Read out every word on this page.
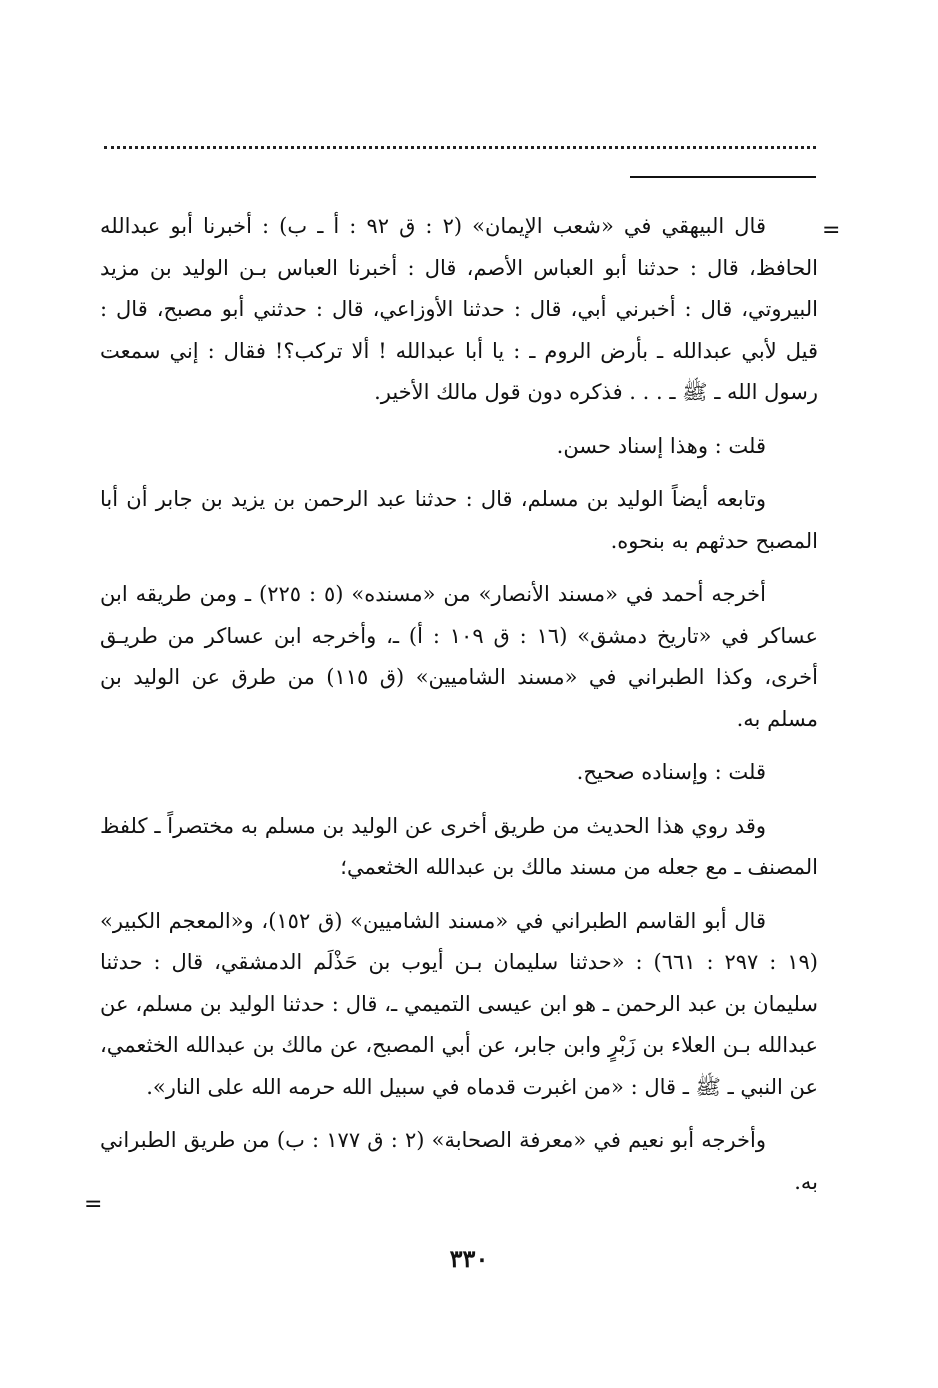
=

قال البيهقي في «شعب الإيمان» (٢ : ق ٩٢ : أ ـ ب) : أخبرنا أبو عبدالله الحافظ، قال : حدثنا أبو العباس الأصم، قال : أخبرنا العباس بـن الوليد بن مزيد البيروتي، قال : أخبرني أبي، قال : حدثنا الأوزاعي، قال : حدثني أبو مصبح، قال : قيل لأبي عبدالله ـ بأرض الروم ـ : يا أبا عبدالله ! ألا تركب؟! فقال : إني سمعت رسول الله ـ ﷺ ـ . . . فذكره دون قول مالك الأخير.

قلت : وهذا إسناد حسن.

وتابعه أيضاً الوليد بن مسلم، قال : حدثنا عبد الرحمن بن يزيد بن جابر أن أبا المصبح حدثهم به بنحوه.

أخرجه أحمد في «مسند الأنصار» من «مسنده» (٥ : ٢٢٥) ـ ومن طريقه ابن عساكر في «تاريخ دمشق» (١٦ : ق ١٠٩ : أ) ـ، وأخرجه ابن عساكر من طريـق أخرى، وكذا الطبراني في «مسند الشاميين» (ق ١١٥) من طرق عن الوليد بن مسلم به.

قلت : وإسناده صحيح.

وقد روي هذا الحديث من طريق أخرى عن الوليد بن مسلم به مختصراً ـ كلفظ المصنف ـ مع جعله من مسند مالك بن عبدالله الخثعمي؛

قال أبو القاسم الطبراني في «مسند الشاميين» (ق ١٥٢)، و«المعجم الكبير» (١٩ : ٢٩٧ : ٦٦١) : «حدثنا سليمان بـن أيوب بن حَذْلَم الدمشقي، قال : حدثنا سليمان بن عبد الرحمن ـ هو ابن عيسى التميمي ـ، قال : حدثنا الوليد بن مسلم، عن عبدالله بـن العلاء بن زَبْرٍ وابن جابر، عن أبي المصبح، عن مالك بن عبدالله الخثعمي، عن النبي ـ ﷺ ـ قال : «من اغبرت قدماه في سبيل الله حرمه الله على النار».

وأخرجه أبو نعيم في «معرفة الصحابة» (٢ : ق ١٧٧ : ب) من طريق الطبراني به.

=
٣٣٠
